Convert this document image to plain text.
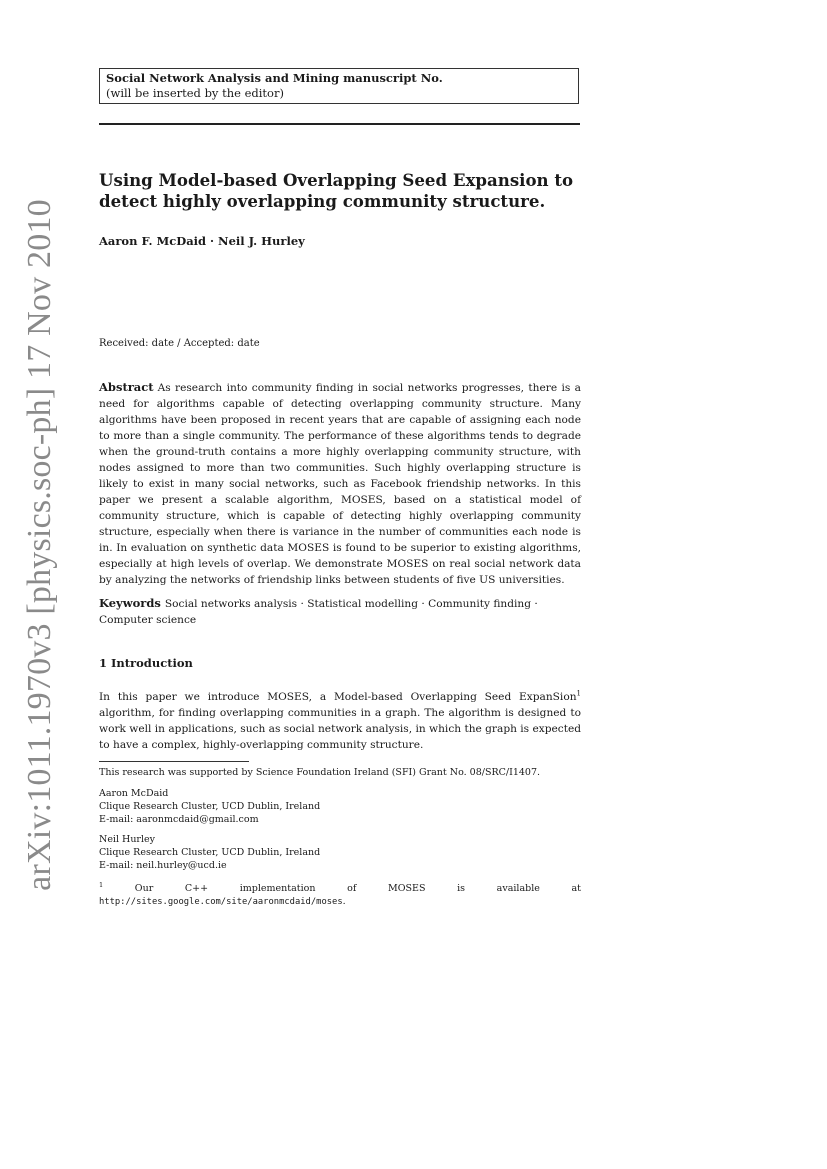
arXiv:1011.1970v3 [physics.soc-ph] 17 Nov 2010
Social Network Analysis and Mining manuscript No.
(will be inserted by the editor)
Using Model-based Overlapping Seed Expansion to
detect highly overlapping community structure.
Aaron F. McDaid · Neil J. Hurley
Received: date / Accepted: date
Abstract As research into community finding in social networks progresses, there is a need for algorithms capable of detecting overlapping community structure. Many algorithms have been proposed in recent years that are capable of assigning each node to more than a single community. The performance of these algorithms tends to degrade when the ground-truth contains a more highly overlapping community structure, with nodes assigned to more than two communities. Such highly overlapping structure is likely to exist in many social networks, such as Facebook friendship networks. In this paper we present a scalable algorithm, MOSES, based on a statistical model of community structure, which is capable of detecting highly overlapping community structure, especially when there is variance in the number of communities each node is in. In evaluation on synthetic data MOSES is found to be superior to existing algorithms, especially at high levels of overlap. We demonstrate MOSES on real social network data by analyzing the networks of friendship links between students of five US universities.
Keywords Social networks analysis · Statistical modelling · Community finding · Computer science
1 Introduction
In this paper we introduce MOSES, a Model-based Overlapping Seed ExpanSion$^1$ algorithm, for finding overlapping communities in a graph. The algorithm is designed to work well in applications, such as social network analysis, in which the graph is expected to have a complex, highly-overlapping community structure.
This research was supported by Science Foundation Ireland (SFI) Grant No. 08/SRC/I1407.
Aaron McDaid
Clique Research Cluster, UCD Dublin, Ireland
E-mail: aaronmcdaid@gmail.com
Neil Hurley
Clique Research Cluster, UCD Dublin, Ireland
E-mail: neil.hurley@ucd.ie
$^1$ Our C++ implementation of MOSES is available at http://sites.google.com/site/aaronmcdaid/moses.
